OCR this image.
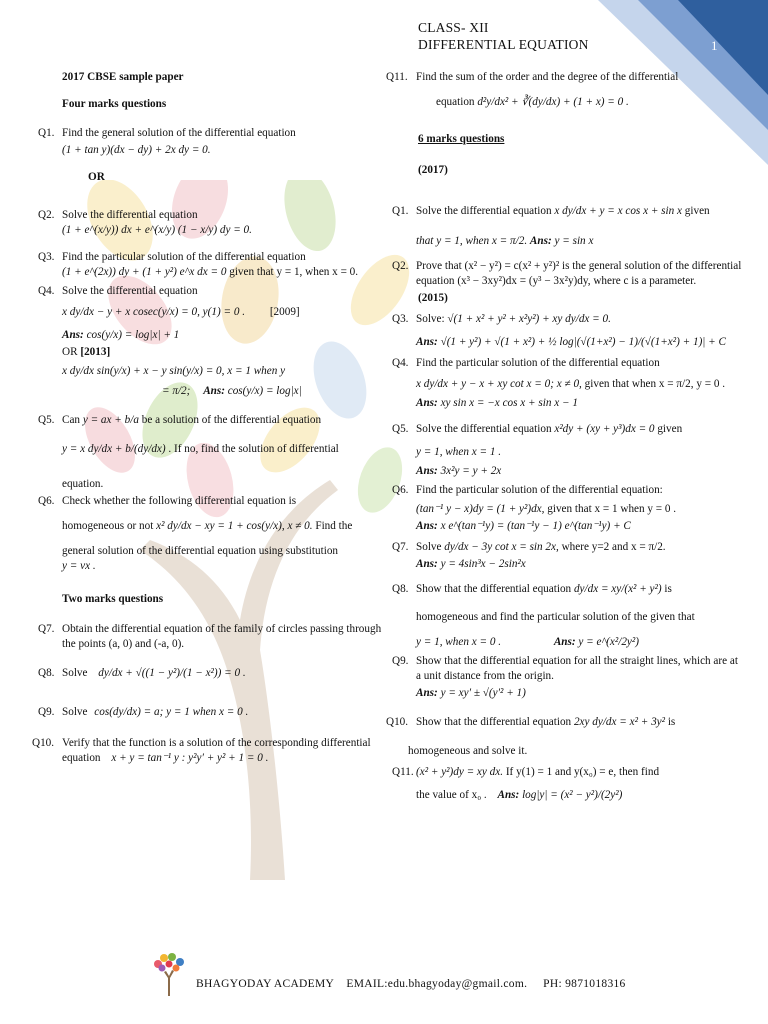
1
CLASS- XII
DIFFERENTIAL EQUATION

2017 CBSE sample paper

Four marks questions

Q1. Find the general solution of the differential equation
(1 + tan y)(dx − dy) + 2x dy = 0.

OR

Q2. Solve the differential equation (1 + e^(x/y)) dx + e^(x/y) (1 − x/y) dy = 0.
Q3. Find the particular solution of the differential equation
(1 + e^(2x)) dy + (1 + y²) e^x dx = 0 given that y = 1, when x = 0.
Q4. Solve the differential equation
x dy/dx − y + x cosec(y/x) = 0, y(1) = 0 . [2009]
Ans: cos(y/x) = log|x| + 1
OR [2013]
x dy/dx sin(y/x) + x − y sin(y/x) = 0, x = 1 when y
= π/2; Ans: cos(y/x) = log|x|
Q5. Can y = ax + b/a be a solution of the differential equation
y = x dy/dx + b/(dy/dx) . If no, find the solution of differential
equation.
Q6. Check whether the following differential equation is
homogeneous or not x² dy/dx − xy = 1 + cos(y/x), x ≠ 0. Find the
general solution of the differential equation using substitution
y = vx .

Two marks questions

Q7. Obtain the differential equation of the family of circles passing through the points (a, 0) and (-a, 0).
Q8. Solve dy/dx + √((1 − y²)/(1 − x²)) = 0 .
Q9. Solve cos(dy/dx) = a; y = 1 when x = 0 .
Q10. Verify that the function is a solution of the corresponding differential equation x + y = tan⁻¹ y : y²y′ + y² + 1 = 0 .
Q11. Find the sum of the order and the degree of the differential
equation d²y/dx² + ∛(dy/dx) + (1 + x) = 0 .

6 marks questions

(2017)

Q1. Solve the differential equation x dy/dx + y = x cos x + sin x given
that y = 1, when x = π/2. Ans: y = sin x
Q2. Prove that (x² − y²) = c(x² + y²)² is the general solution of the differential equation (x³ − 3xy²)dx = (y³ − 3x²y)dy, where c is a parameter.

(2015)

Q3. Solve: √(1 + x² + y² + x²y²) + xy dy/dx = 0.
Ans: √(1 + y²) + √(1 + x²) + ½ log|(√(1+x²) − 1)/(√(1+x²) + 1)| + C
Q4. Find the particular solution of the differential equation
x dy/dx + y − x + xy cot x = 0; x ≠ 0, given that when x = π/2, y = 0 .
Ans: xy sin x = −x cos x + sin x − 1
Q5. Solve the differential equation x²dy + (xy + y³)dx = 0 given
y = 1, when x = 1 .
Ans: 3x²y = y + 2x
Q6. Find the particular solution of the differential equation:
(tan⁻¹ y − x)dy = (1 + y²)dx, given that x = 1 when y = 0 .
Ans: x e^(tan⁻¹y) = (tan⁻¹y − 1) e^(tan⁻¹y) + C
Q7. Solve dy/dx − 3y cot x = sin 2x, where y=2 and x = π/2.
Ans: y = 4sin³x − 2sin²x
Q8. Show that the differential equation dy/dx = xy/(x² + y²) is
homogeneous and find the particular solution of the given that
y = 1, when x = 0 .	Ans: y = e^(x²/2y²)
Q9. Show that the differential equation for all the straight lines, which are at a unit distance from the origin.
Ans: y = xy′ ± √(y′² + 1)
Q10. Show that the differential equation 2xy dy/dx = x² + 3y² is
homogeneous and solve it.
Q11. (x² + y²)dy = xy dx. If y(1) = 1 and y(x₀) = e, then find
the value of x₀ . Ans: log|y| = (x² − y²)/(2y²)
BHAGYODAY ACADEMY EMAIL:edu.bhagyoday@gmail.com. PH: 9871018316
